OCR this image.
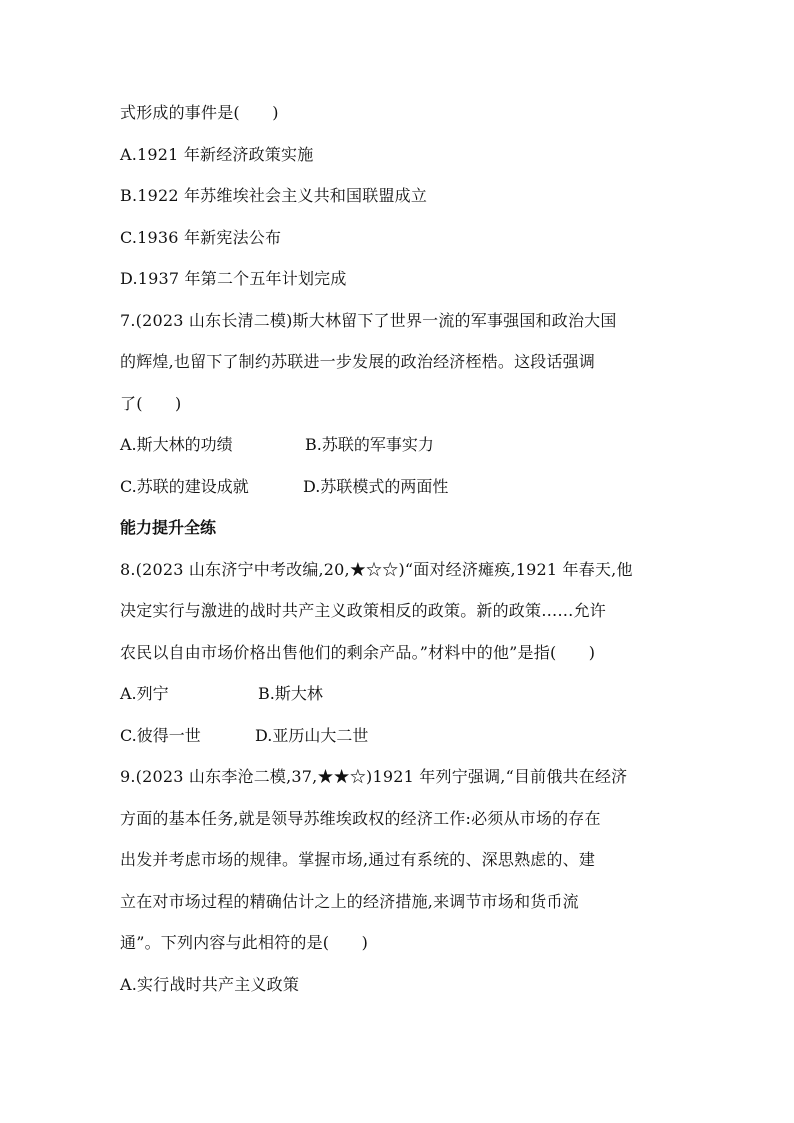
式形成的事件是(　　)
A.1921 年新经济政策实施
B.1922 年苏维埃社会主义共和国联盟成立
C.1936 年新宪法公布
D.1937 年第二个五年计划完成
7.(2023 山东长清二模)斯大林留下了世界一流的军事强国和政治大国
的辉煌,也留下了制约苏联进一步发展的政治经济桎梏。这段话强调
了(　　)
A.斯大林的功绩	B.苏联的军事实力
C.苏联的建设成就	D.苏联模式的两面性
能力提升全练
8.(2023 山东济宁中考改编,20,★☆☆)“面对经济瘫痪,1921 年春天,他
决定实行与激进的战时共产主义政策相反的政策。新的政策……允许
农民以自由市场价格出售他们的剩余产品。”材料中的他”是指(　　)
A.列宁	B.斯大林
C.彼得一世	D.亚历山大二世
9.(2023 山东李沧二模,37,★★☆)1921 年列宁强调,“目前俄共在经济
方面的基本任务,就是领导苏维埃政权的经济工作:必须从市场的存在
出发并考虑市场的规律。掌握市场,通过有系统的、深思熟虑的、建
立在对市场过程的精确估计之上的经济措施,来调节市场和货币流
通”。下列内容与此相符的是(　　)
A.实行战时共产主义政策
